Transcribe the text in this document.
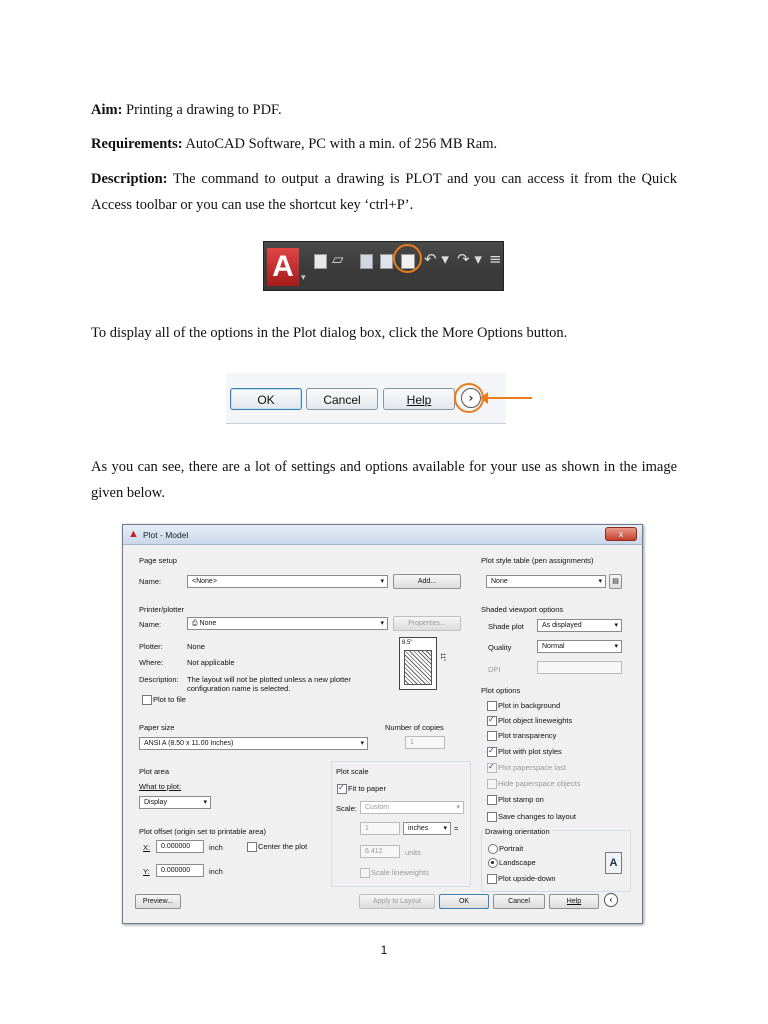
Aim: Printing a drawing to PDF.
Requirements: AutoCAD Software, PC with a min. of 256 MB Ram.
Description: The command to output a drawing is PLOT and you can access it from the Quick Access toolbar or you can use the shortcut key ‘ctrl+P’.
A ▾
▱	↶ ▾ ↷ ▾ ≡
To display all of the options in the Plot dialog box, click the More Options button.
OK	Cancel	Help	›
As you can see, there are a lot of settings and options available for your use as shown in the image given below.
▲ Plot - Model	x
Page setup
Name:	<None> ▾	Add...
Printer/plotter
Name:	⎙ None ▾	Properties...
Plotter:	None
Where:	Not applicable
Description: The layout will not be plotted unless a new plotter configuration name is selected.
Plot to file
8.5"
11"
Paper size
ANSI A (8.50 x 11.00 Inches) ▾
Number of copies
1
Plot area
What to plot:
Display ▾
Plot offset (origin set to printable area)
X:	0.000000	inch	Center the plot
Y:	0.000000	inch
Plot scale
Fit to paper ✓
Scale:	Custom ▾
1	inches ▾	=
6.412	units
Scale lineweights
Plot style table (pen assignments)
None ▾	▤
Shaded viewport options
Shade plot	As displayed ▾
Quality	Normal ▾
DPI
Plot options
Plot in background
Plot object lineweights ✓
Plot transparency
Plot with plot styles ✓
Plot paperspace last ✓
Hide paperspace objects
Plot stamp on
Save changes to layout
Drawing orientation
Portrait
Landscape
Plot upside-down
A
Preview...	Apply to Layout	OK	Cancel	Help	‹
1
